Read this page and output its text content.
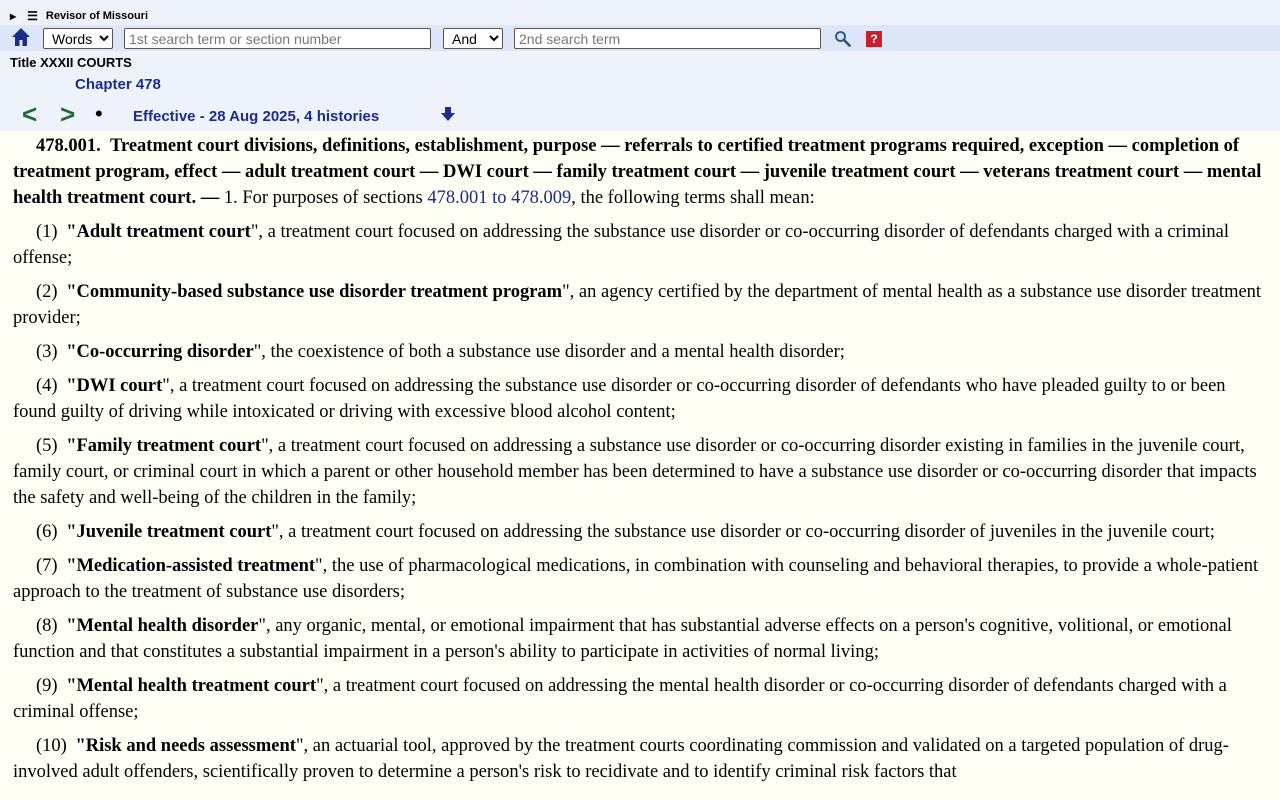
▶ ☰ Revisor of Missouri
Words
1st search term or section number
And
2nd search term
?
Title XXXII COURTS
Chapter 478
< > • Effective - 28 Aug 2025, 4 histories

478.001. Treatment court divisions, definitions, establishment, purpose — referrals to certified treatment programs required, exception — completion of treatment program, effect — adult treatment court — DWI court — family treatment court — juvenile treatment court — veterans treatment court — mental health treatment court. — 1. For purposes of sections 478.001 to 478.009, the following terms shall mean:

(1) "Adult treatment court", a treatment court focused on addressing the substance use disorder or co-occurring disorder of defendants charged with a criminal offense;

(2) "Community-based substance use disorder treatment program", an agency certified by the department of mental health as a substance use disorder treatment provider;

(3) "Co-occurring disorder", the coexistence of both a substance use disorder and a mental health disorder;

(4) "DWI court", a treatment court focused on addressing the substance use disorder or co-occurring disorder of defendants who have pleaded guilty to or been found guilty of driving while intoxicated or driving with excessive blood alcohol content;

(5) "Family treatment court", a treatment court focused on addressing a substance use disorder or co-occurring disorder existing in families in the juvenile court, family court, or criminal court in which a parent or other household member has been determined to have a substance use disorder or co-occurring disorder that impacts the safety and well-being of the children in the family;

(6) "Juvenile treatment court", a treatment court focused on addressing the substance use disorder or co-occurring disorder of juveniles in the juvenile court;

(7) "Medication-assisted treatment", the use of pharmacological medications, in combination with counseling and behavioral therapies, to provide a whole-patient approach to the treatment of substance use disorders;

(8) "Mental health disorder", any organic, mental, or emotional impairment that has substantial adverse effects on a person's cognitive, volitional, or emotional function and that constitutes a substantial impairment in a person's ability to participate in activities of normal living;

(9) "Mental health treatment court", a treatment court focused on addressing the mental health disorder or co-occurring disorder of defendants charged with a criminal offense;

(10) "Risk and needs assessment", an actuarial tool, approved by the treatment courts coordinating commission and validated on a targeted population of drug-involved adult offenders, scientifically proven to determine a person's risk to recidivate and to identify criminal risk factors that
